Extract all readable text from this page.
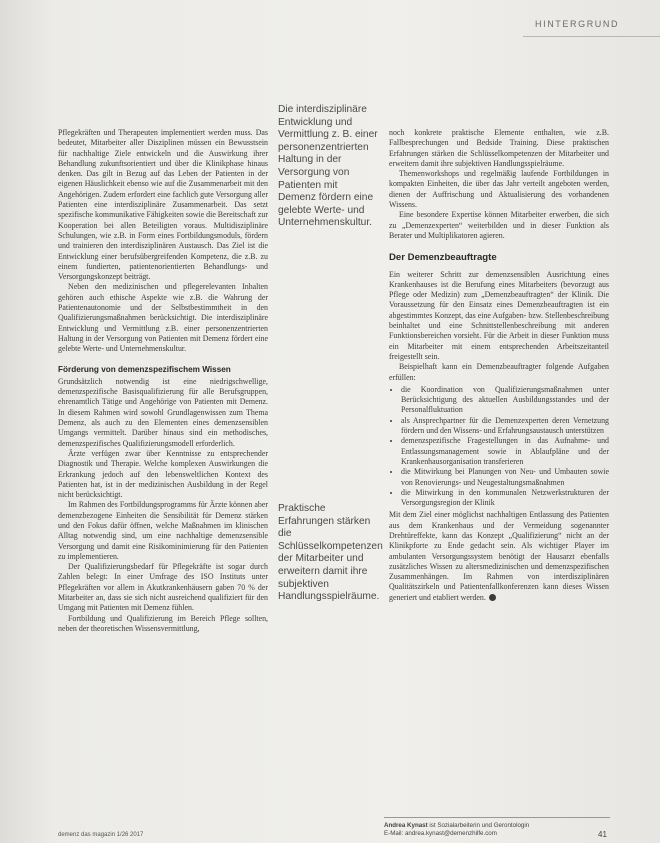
HINTERGRUND
Die interdisziplinäre Entwicklung und Vermittlung z. B. einer personenzentrierten Haltung in der Versorgung von Patienten mit Demenz fördern eine gelebte Werte- und Unternehmenskultur.
Praktische Erfahrungen stärken die Schlüsselkompetenzen der Mitarbeiter und erweitern damit ihre subjektiven Handlungsspielräume.

Pflegekräften und Therapeuten implementiert werden muss. Das bedeutet, Mitarbeiter aller Disziplinen müssen ein Bewusstsein für nachhaltige Ziele entwickeln und die Auswirkung ihrer Behandlung zukunftsorientiert und über die Klinikphase hinaus denken. Das gilt in Bezug auf das Leben der Patienten in der eigenen Häuslichkeit ebenso wie auf die Zusammenarbeit mit den Angehörigen. Zudem erfordert eine fachlich gute Versorgung aller Patienten eine interdisziplinäre Zusammenarbeit. Das setzt spezifische kommunikative Fähigkeiten sowie die Bereitschaft zur Kooperation bei allen Beteiligten voraus. Multidisziplinäre Schulungen, wie z.B. in Form eines Fortbildungsmoduls, fördern und trainieren den interdisziplinären Austausch. Das Ziel ist die Entwicklung einer berufsübergreifenden Kompetenz, die z.B. zu einem fundierten, patientenorientierten Behandlungs- und Versorgungskonzept beiträgt.

Neben den medizinischen und pflegerelevanten Inhalten gehören auch ethische Aspekte wie z.B. die Wahrung der Patientenautonomie und der Selbstbestimmtheit in den Qualifizierungsmaßnahmen berücksichtigt. Die interdisziplinäre Entwicklung und Vermittlung z.B. einer personenzentrierten Haltung in der Versorgung von Patienten mit Demenz fördert eine gelebte Werte- und Unternehmenskultur.

Förderung von demenzspezifischem Wissen

Grundsätzlich notwendig ist eine niedrigschwellige, demenzspezifische Basisqualifizierung für alle Berufsgruppen, ehrenamtlich Tätige und Angehörige von Patienten mit Demenz. In diesem Rahmen wird sowohl Grundlagenwissen zum Thema Demenz, als auch zu den Elementen eines demenzsensiblen Umgangs vermittelt. Darüber hinaus sind ein methodisches, demenzspezifisches Qualifizierungsmodell erforderlich.

Ärzte verfügen zwar über Kenntnisse zu entsprechender Diagnostik und Therapie. Welche komplexen Auswirkungen die Erkrankung jedoch auf den lebensweltlichen Kontext des Patienten hat, ist in der medizinischen Ausbildung in der Regel nicht berücksichtigt.

Im Rahmen des Fortbildungsprogramms für Ärzte können aber demenzbezogene Einheiten die Sensibilität für Demenz stärken und den Fokus dafür öffnen, welche Maßnahmen im klinischen Alltag notwendig sind, um eine nachhaltige demenzsensible Versorgung und damit eine Risikominimierung für den Patienten zu implementieren.

Der Qualifizierungsbedarf für Pflegekräfte ist sogar durch Zahlen belegt: In einer Umfrage des ISO Instituts unter Pflegekräften vor allem in Akutkrankenhäusern gaben 70 % der Mitarbeiter an, dass sie sich nicht ausreichend qualifiziert für den Umgang mit Patienten mit Demenz fühlen.

Fortbildung und Qualifizierung im Bereich Pflege sollten, neben der theoretischen Wissensvermittlung,

noch konkrete praktische Elemente enthalten, wie z.B. Fallbesprechungen und Bedside Training. Diese praktischen Erfahrungen stärken die Schlüsselkompetenzen der Mitarbeiter und erweitern damit ihre subjektiven Handlungsspielräume.

Themenworkshops und regelmäßig laufende Fortbildungen in kompakten Einheiten, die über das Jahr verteilt angeboten werden, dienen der Auffrischung und Aktualisierung des vorhandenen Wissens.

Eine besondere Expertise können Mitarbeiter erwerben, die sich zu „Demenzexperten“ weiterbilden und in dieser Funktion als Berater und Multiplikatoren agieren.

Der Demenzbeauftragte

Ein weiterer Schritt zur demenzsensiblen Ausrichtung eines Krankenhauses ist die Berufung eines Mitarbeiters (bevorzugt aus Pflege oder Medizin) zum „Demenzbeauftragten“ der Klinik. Die Voraussetzung für den Einsatz eines Demenzbeauftragten ist ein abgestimmtes Konzept, das eine Aufgaben- bzw. Stellenbeschreibung beinhaltet und eine Schnittstellenbeschreibung mit anderen Funktionsbereichen vorsieht. Für die Arbeit in dieser Funktion muss ein Mitarbeiter mit einem entsprechenden Arbeitszeitanteil freigestellt sein.

Beispielhaft kann ein Demenzbeauftragter folgende Aufgaben erfüllen:

• die Koordination von Qualifizierungsmaßnahmen unter Berücksichtigung des aktuellen Ausbildungsstandes und der Personalfluktuation
• als Ansprechpartner für die Demenzexperten deren Vernetzung fördern und den Wissens- und Erfahrungsaustausch unterstützen
• demenzspezifische Fragestellungen in das Aufnahme- und Entlassungsmanagement sowie in Ablaufpläne und der Krankenhausorganisation transferieren
• die Mitwirkung bei Planungen von Neu- und Umbauten sowie von Renovierungs- und Neugestaltungsmaßnahmen
• die Mitwirkung in den kommunalen Netzwerkstrukturen der Versorgungsregion der Klinik

Mit dem Ziel einer möglichst nachhaltigen Entlassung des Patienten aus dem Krankenhaus und der Vermeidung sogenannter Drehtüreffekte, kann das Konzept „Qualifizierung“ nicht an der Klinikpforte zu Ende gedacht sein. Als wichtiger Player im ambulanten Versorgungssystem benötigt der Hausarzt ebenfalls zusätzliches Wissen zu altersmedizinischen und demenzspezifischen Zusammenhängen. Im Rahmen von interdisziplinären Qualitätszirkeln und Patientenfallkonferenzen kann dieses Wissen generiert und etabliert werden.

Andrea Kynast ist Sozialarbeiterin und Gerontologin
E-Mail: andrea.kynast@demenzhilfe.com
demenz das magazin 1/26 2017	41
